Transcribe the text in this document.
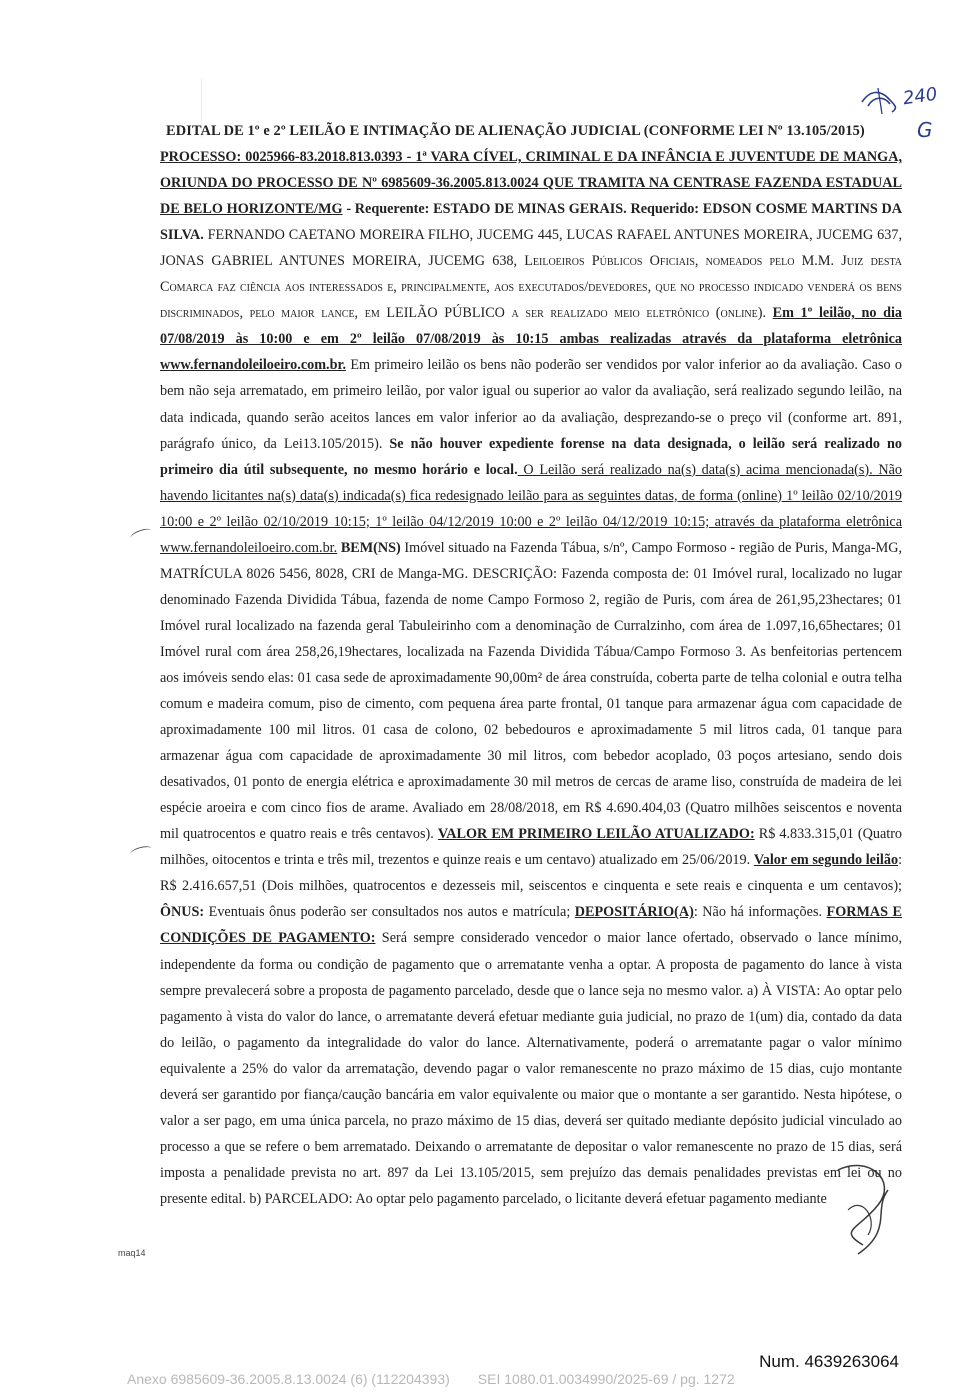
240
G
EDITAL DE 1º e 2º LEILÃO E INTIMAÇÃO DE ALIENAÇÃO JUDICIAL (CONFORME LEI Nº 13.105/2015)
PROCESSO: 0025966-83.2018.813.0393 - 1ª VARA CÍVEL, CRIMINAL E DA INFÂNCIA E JUVENTUDE DE MANGA, ORIUNDA DO PROCESSO DE Nº 6985609-36.2005.813.0024 QUE TRAMITA NA CENTRASE FAZENDA ESTADUAL DE BELO HORIZONTE/MG - Requerente: ESTADO DE MINAS GERAIS. Requerido: EDSON COSME MARTINS DA SILVA. FERNANDO CAETANO MOREIRA FILHO, JUCEMG 445, LUCAS RAFAEL ANTUNES MOREIRA, JUCEMG 637, JONAS GABRIEL ANTUNES MOREIRA, JUCEMG 638, Leiloeiros Públicos Oficiais, nomeados pelo M.M. Juiz desta Comarca faz ciência aos interessados e, principalmente, aos executados/devedores, que no processo indicado venderá os bens discriminados, pelo maior lance, em LEILÃO PÚBLICO a ser realizado meio eletrônico (online). Em 1º leilão, no dia 07/08/2019 às 10:00 e em 2º leilão 07/08/2019 às 10:15 ambas realizadas através da plataforma eletrônica www.fernandoleiloeiro.com.br. Em primeiro leilão os bens não poderão ser vendidos por valor inferior ao da avaliação. Caso o bem não seja arrematado, em primeiro leilão, por valor igual ou superior ao valor da avaliação, será realizado segundo leilão, na data indicada, quando serão aceitos lances em valor inferior ao da avaliação, desprezando-se o preço vil (conforme art. 891, parágrafo único, da Lei13.105/2015). Se não houver expediente forense na data designada, o leilão será realizado no primeiro dia útil subsequente, no mesmo horário e local. O Leilão será realizado na(s) data(s) acima mencionada(s). Não havendo licitantes na(s) data(s) indicada(s) fica redesignado leilão para as seguintes datas, de forma (online) 1º leilão 02/10/2019 10:00 e 2º leilão 02/10/2019 10:15; 1º leilão 04/12/2019 10:00 e 2º leilão 04/12/2019 10:15; através da plataforma eletrônica www.fernandoleiloeiro.com.br. BEM(NS) Imóvel situado na Fazenda Tábua, s/nº, Campo Formoso - região de Puris, Manga-MG, MATRÍCULA 8026 5456, 8028, CRI de Manga-MG. DESCRIÇÃO: Fazenda composta de: 01 Imóvel rural, localizado no lugar denominado Fazenda Dividida Tábua, fazenda de nome Campo Formoso 2, região de Puris, com área de 261,95,23hectares; 01 Imóvel rural localizado na fazenda geral Tabuleirinho com a denominação de Curralzinho, com área de 1.097,16,65hectares; 01 Imóvel rural com área 258,26,19hectares, localizada na Fazenda Dividida Tábua/Campo Formoso 3. As benfeitorias pertencem aos imóveis sendo elas: 01 casa sede de aproximadamente 90,00m² de área construída, coberta parte de telha colonial e outra telha comum e madeira comum, piso de cimento, com pequena área parte frontal, 01 tanque para armazenar água com capacidade de aproximadamente 100 mil litros. 01 casa de colono, 02 bebedouros e aproximadamente 5 mil litros cada, 01 tanque para armazenar água com capacidade de aproximadamente 30 mil litros, com bebedor acoplado, 03 poços artesiano, sendo dois desativados, 01 ponto de energia elétrica e aproximadamente 30 mil metros de cercas de arame liso, construída de madeira de lei espécie aroeira e com cinco fios de arame. Avaliado em 28/08/2018, em R$ 4.690.404,03 (Quatro milhões seiscentos e noventa mil quatrocentos e quatro reais e três centavos). VALOR EM PRIMEIRO LEILÃO ATUALIZADO: R$ 4.833.315,01 (Quatro milhões, oitocentos e trinta e três mil, trezentos e quinze reais e um centavo) atualizado em 25/06/2019. Valor em segundo leilão: R$ 2.416.657,51 (Dois milhões, quatrocentos e dezesseis mil, seiscentos e cinquenta e sete reais e cinquenta e um centavos); ÔNUS: Eventuais ônus poderão ser consultados nos autos e matrícula; DEPOSITÁRIO(A): Não há informações. FORMAS E CONDIÇÕES DE PAGAMENTO: Será sempre considerado vencedor o maior lance ofertado, observado o lance mínimo, independente da forma ou condição de pagamento que o arrematante venha a optar. A proposta de pagamento do lance à vista sempre prevalecerá sobre a proposta de pagamento parcelado, desde que o lance seja no mesmo valor. a) À VISTA: Ao optar pelo pagamento à vista do valor do lance, o arrematante deverá efetuar mediante guia judicial, no prazo de 1(um) dia, contado da data do leilão, o pagamento da integralidade do valor do lance. Alternativamente, poderá o arrematante pagar o valor mínimo equivalente a 25% do valor da arrematação, devendo pagar o valor remanescente no prazo máximo de 15 dias, cujo montante deverá ser garantido por fiança/caução bancária em valor equivalente ou maior que o montante a ser garantido. Nesta hipótese, o valor a ser pago, em uma única parcela, no prazo máximo de 15 dias, deverá ser quitado mediante depósito judicial vinculado ao processo a que se refere o bem arrematado. Deixando o arrematante de depositar o valor remanescente no prazo de 15 dias, será imposta a penalidade prevista no art. 897 da Lei 13.105/2015, sem prejuízo das demais penalidades previstas em lei ou no presente edital. b) PARCELADO: Ao optar pelo pagamento parcelado, o licitante deverá efetuar pagamento mediante
maq14
Num. 4639263064
Anexo 6985609-36.2005.8.13.0024 (6) (112204393) SEI 1080.01.0034990/2025-69 / pg. 1272
